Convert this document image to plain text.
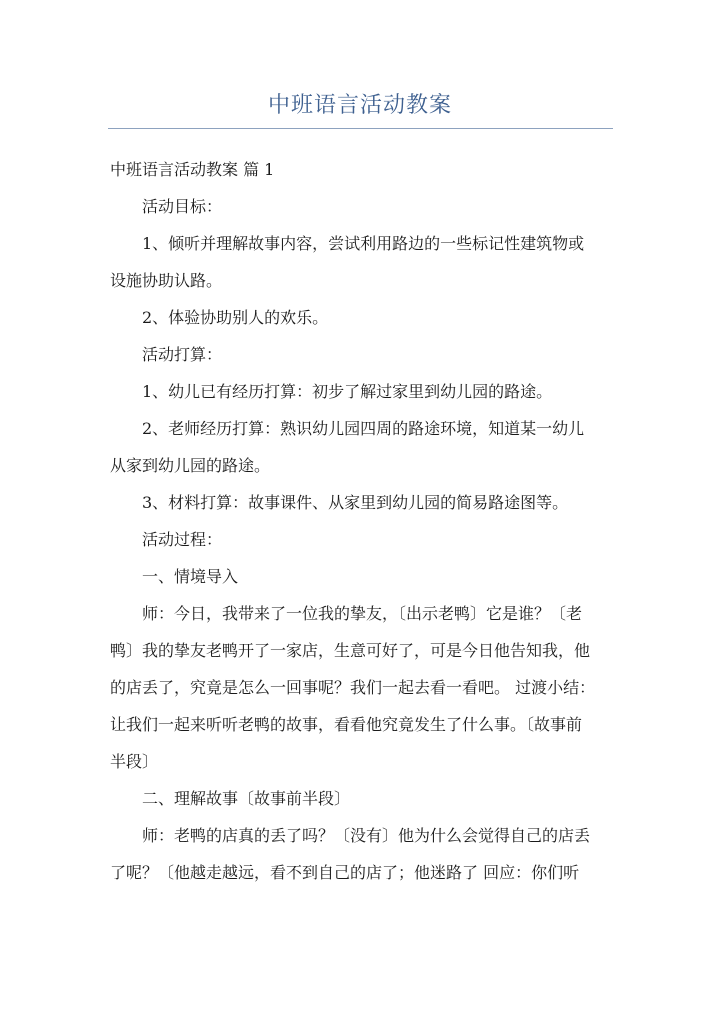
中班语言活动教案
中班语言活动教案 篇 1
活动目标：
1、倾听并理解故事内容，尝试利用路边的一些标记性建筑物或
设施协助认路。
2、体验协助别人的欢乐。
活动打算：
1、幼儿已有经历打算：初步了解过家里到幼儿园的路途。
2、老师经历打算：熟识幼儿园四周的路途环境，知道某一幼儿
从家到幼儿园的路途。
3、材料打算：故事课件、从家里到幼儿园的简易路途图等。
活动过程：
一、情境导入
师：今日，我带来了一位我的挚友，〔出示老鸭〕它是谁？〔老
鸭〕我的挚友老鸭开了一家店，生意可好了，可是今日他告知我，他
的店丢了，究竟是怎么一回事呢？我们一起去看一看吧。 过渡小结：
让我们一起来听听老鸭的故事，看看他究竟发生了什么事。〔故事前
半段〕
二、理解故事〔故事前半段〕
师：老鸭的店真的丢了吗？〔没有〕他为什么会觉得自己的店丢
了呢？〔他越走越远，看不到自己的店了；他迷路了 回应：你们听
